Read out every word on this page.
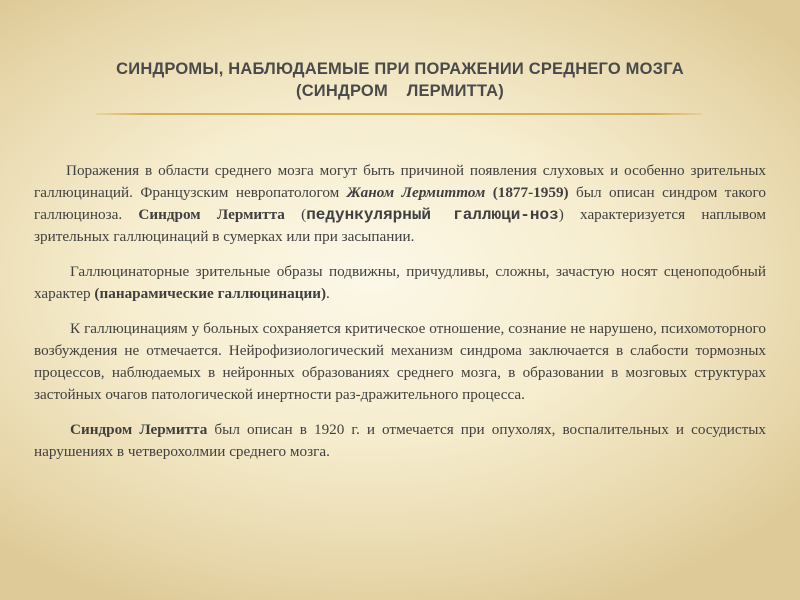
СИНДРОМЫ, НАБЛЮДАЕМЫЕ ПРИ ПОРАЖЕНИИ СРЕДНЕГО МОЗГА
(СИНДРОМ ЛЕРМИТТА)

Поражения в области среднего мозга могут быть причиной появления слуховых и особенно зрительных галлюцинаций. Французским невропатологом Жаном Лермиттом (1877-1959) был описан синдром такого галлюциноза. Синдром Лермитта (педункулярный галлюци-ноз) характеризуется наплывом зрительных галлюцинаций в сумерках или при засыпании.

Галлюцинаторные зрительные образы подвижны, причудливы, сложны, зачастую носят сценоподобный характер (панарамические галлюцинации).

К галлюцинациям у больных сохраняется критическое отношение, сознание не нарушено, психомоторного возбуждения не отмечается. Нейрофизиологический механизм синдрома заключается в слабости тормозных процессов, наблюдаемых в нейронных образованиях среднего мозга, в образовании в мозговых структурах застойных очагов патологической инертности раз-дражительного процесса.

Синдром Лермитта был описан в 1920 г. и отмечается при опухолях, воспалительных и сосудистых нарушениях в четверохолмии среднего мозга.
